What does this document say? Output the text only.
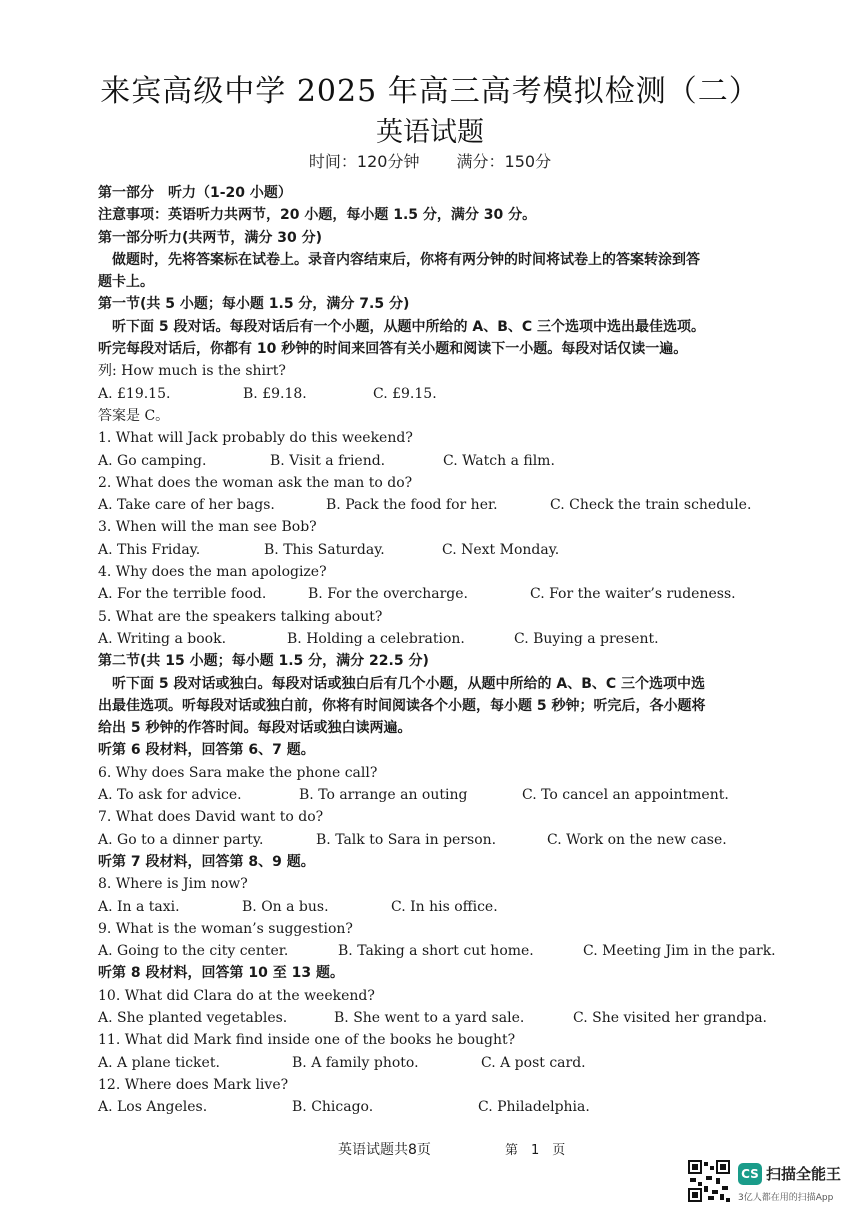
来宾高级中学 2025 年高三高考模拟检测（二）
英语试题
时间：120分钟 满分：150分
第一部分　听力（1-20 小题）
注意事项：英语听力共两节，20 小题，每小题 1.5 分，满分 30 分。
第一部分听力(共两节，满分 30 分)
　做题时，先将答案标在试卷上。录音内容结束后，你将有两分钟的时间将试卷上的答案转涂到答
题卡上。
第一节(共 5 小题；每小题 1.5 分，满分 7.5 分)
　听下面 5 段对话。每段对话后有一个小题，从题中所给的 A、B、C 三个选项中选出最佳选项。
听完每段对话后，你都有 10 秒钟的时间来回答有关小题和阅读下一小题。每段对话仅读一遍。
列: How much is the shirt?
A. £19.15.	B. £9.18.	C. £9.15.
答案是 C。
1. What will Jack probably do this weekend?
A. Go camping.	B. Visit a friend.	C. Watch a film.
2. What does the woman ask the man to do?
A. Take care of her bags.	B. Pack the food for her.	C. Check the train schedule.
3. When will the man see Bob?
A. This Friday.	B. This Saturday.	C. Next Monday.
4. Why does the man apologize?
A. For the terrible food.	B. For the overcharge.	C. For the waiter’s rudeness.
5. What are the speakers talking about?
A. Writing a book.	B. Holding a celebration.	C. Buying a present.
第二节(共 15 小题；每小题 1.5 分，满分 22.5 分)
　听下面 5 段对话或独白。每段对话或独白后有几个小题，从题中所给的 A、B、C 三个选项中选
出最佳选项。听每段对话或独白前，你将有时间阅读各个小题，每小题 5 秒钟；听完后，各小题将
给出 5 秒钟的作答时间。每段对话或独白读两遍。
听第 6 段材料，回答第 6、7 题。
6. Why does Sara make the phone call?
A. To ask for advice.	B. To arrange an outing	C. To cancel an appointment.
7. What does David want to do?
A. Go to a dinner party.	B. Talk to Sara in person.	C. Work on the new case.
听第 7 段材料，回答第 8、9 题。
8. Where is Jim now?
A. In a taxi.	B. On a bus.	C. In his office.
9. What is the woman’s suggestion?
A. Going to the city center.	B. Taking a short cut home.	C. Meeting Jim in the park.
听第 8 段材料，回答第 10 至 13 题。
10. What did Clara do at the weekend?
A. She planted vegetables.	B. She went to a yard sale.	C. She visited her grandpa.
11. What did Mark find inside one of the books he bought?
A. A plane ticket.	B. A family photo.	C. A post card.
12. Where does Mark live?
A. Los Angeles.	B. Chicago.	C. Philadelphia.
英语试题共8页	第　1　页
CS 扫描全能王
3亿人都在用的扫描App
